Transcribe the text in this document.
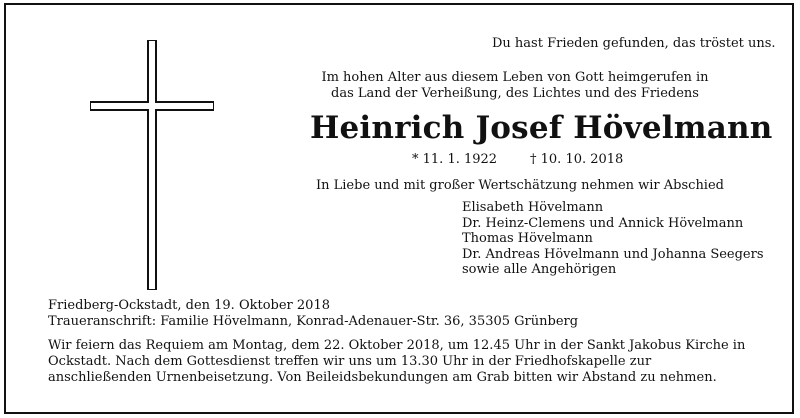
Du hast Frieden gefunden, das tröstet uns.
Im hohen Alter aus diesem Leben von Gott heimgerufen in das Land der Verheißung, des Lichtes und des Friedens
Heinrich Josef Hövelmann
* 11. 1. 1922	† 10. 10. 2018
In Liebe und mit großer Wertschätzung nehmen wir Abschied
Elisabeth Hövelmann
Dr. Heinz-Clemens und Annick Hövelmann
Thomas Hövelmann
Dr. Andreas Hövelmann und Johanna Seegers
sowie alle Angehörigen
Friedberg-Ockstadt, den 19. Oktober 2018
Traueranschrift: Familie Hövelmann, Konrad-Adenauer-Str. 36, 35305 Grünberg
Wir feiern das Requiem am Montag, dem 22. Oktober 2018, um 12.45 Uhr in der Sankt Jakobus Kirche in Ockstadt. Nach dem Gottesdienst treffen wir uns um 13.30 Uhr in der Friedhofskapelle zur anschließenden Urnenbeisetzung. Von Beileidsbekundungen am Grab bitten wir Abstand zu nehmen.
